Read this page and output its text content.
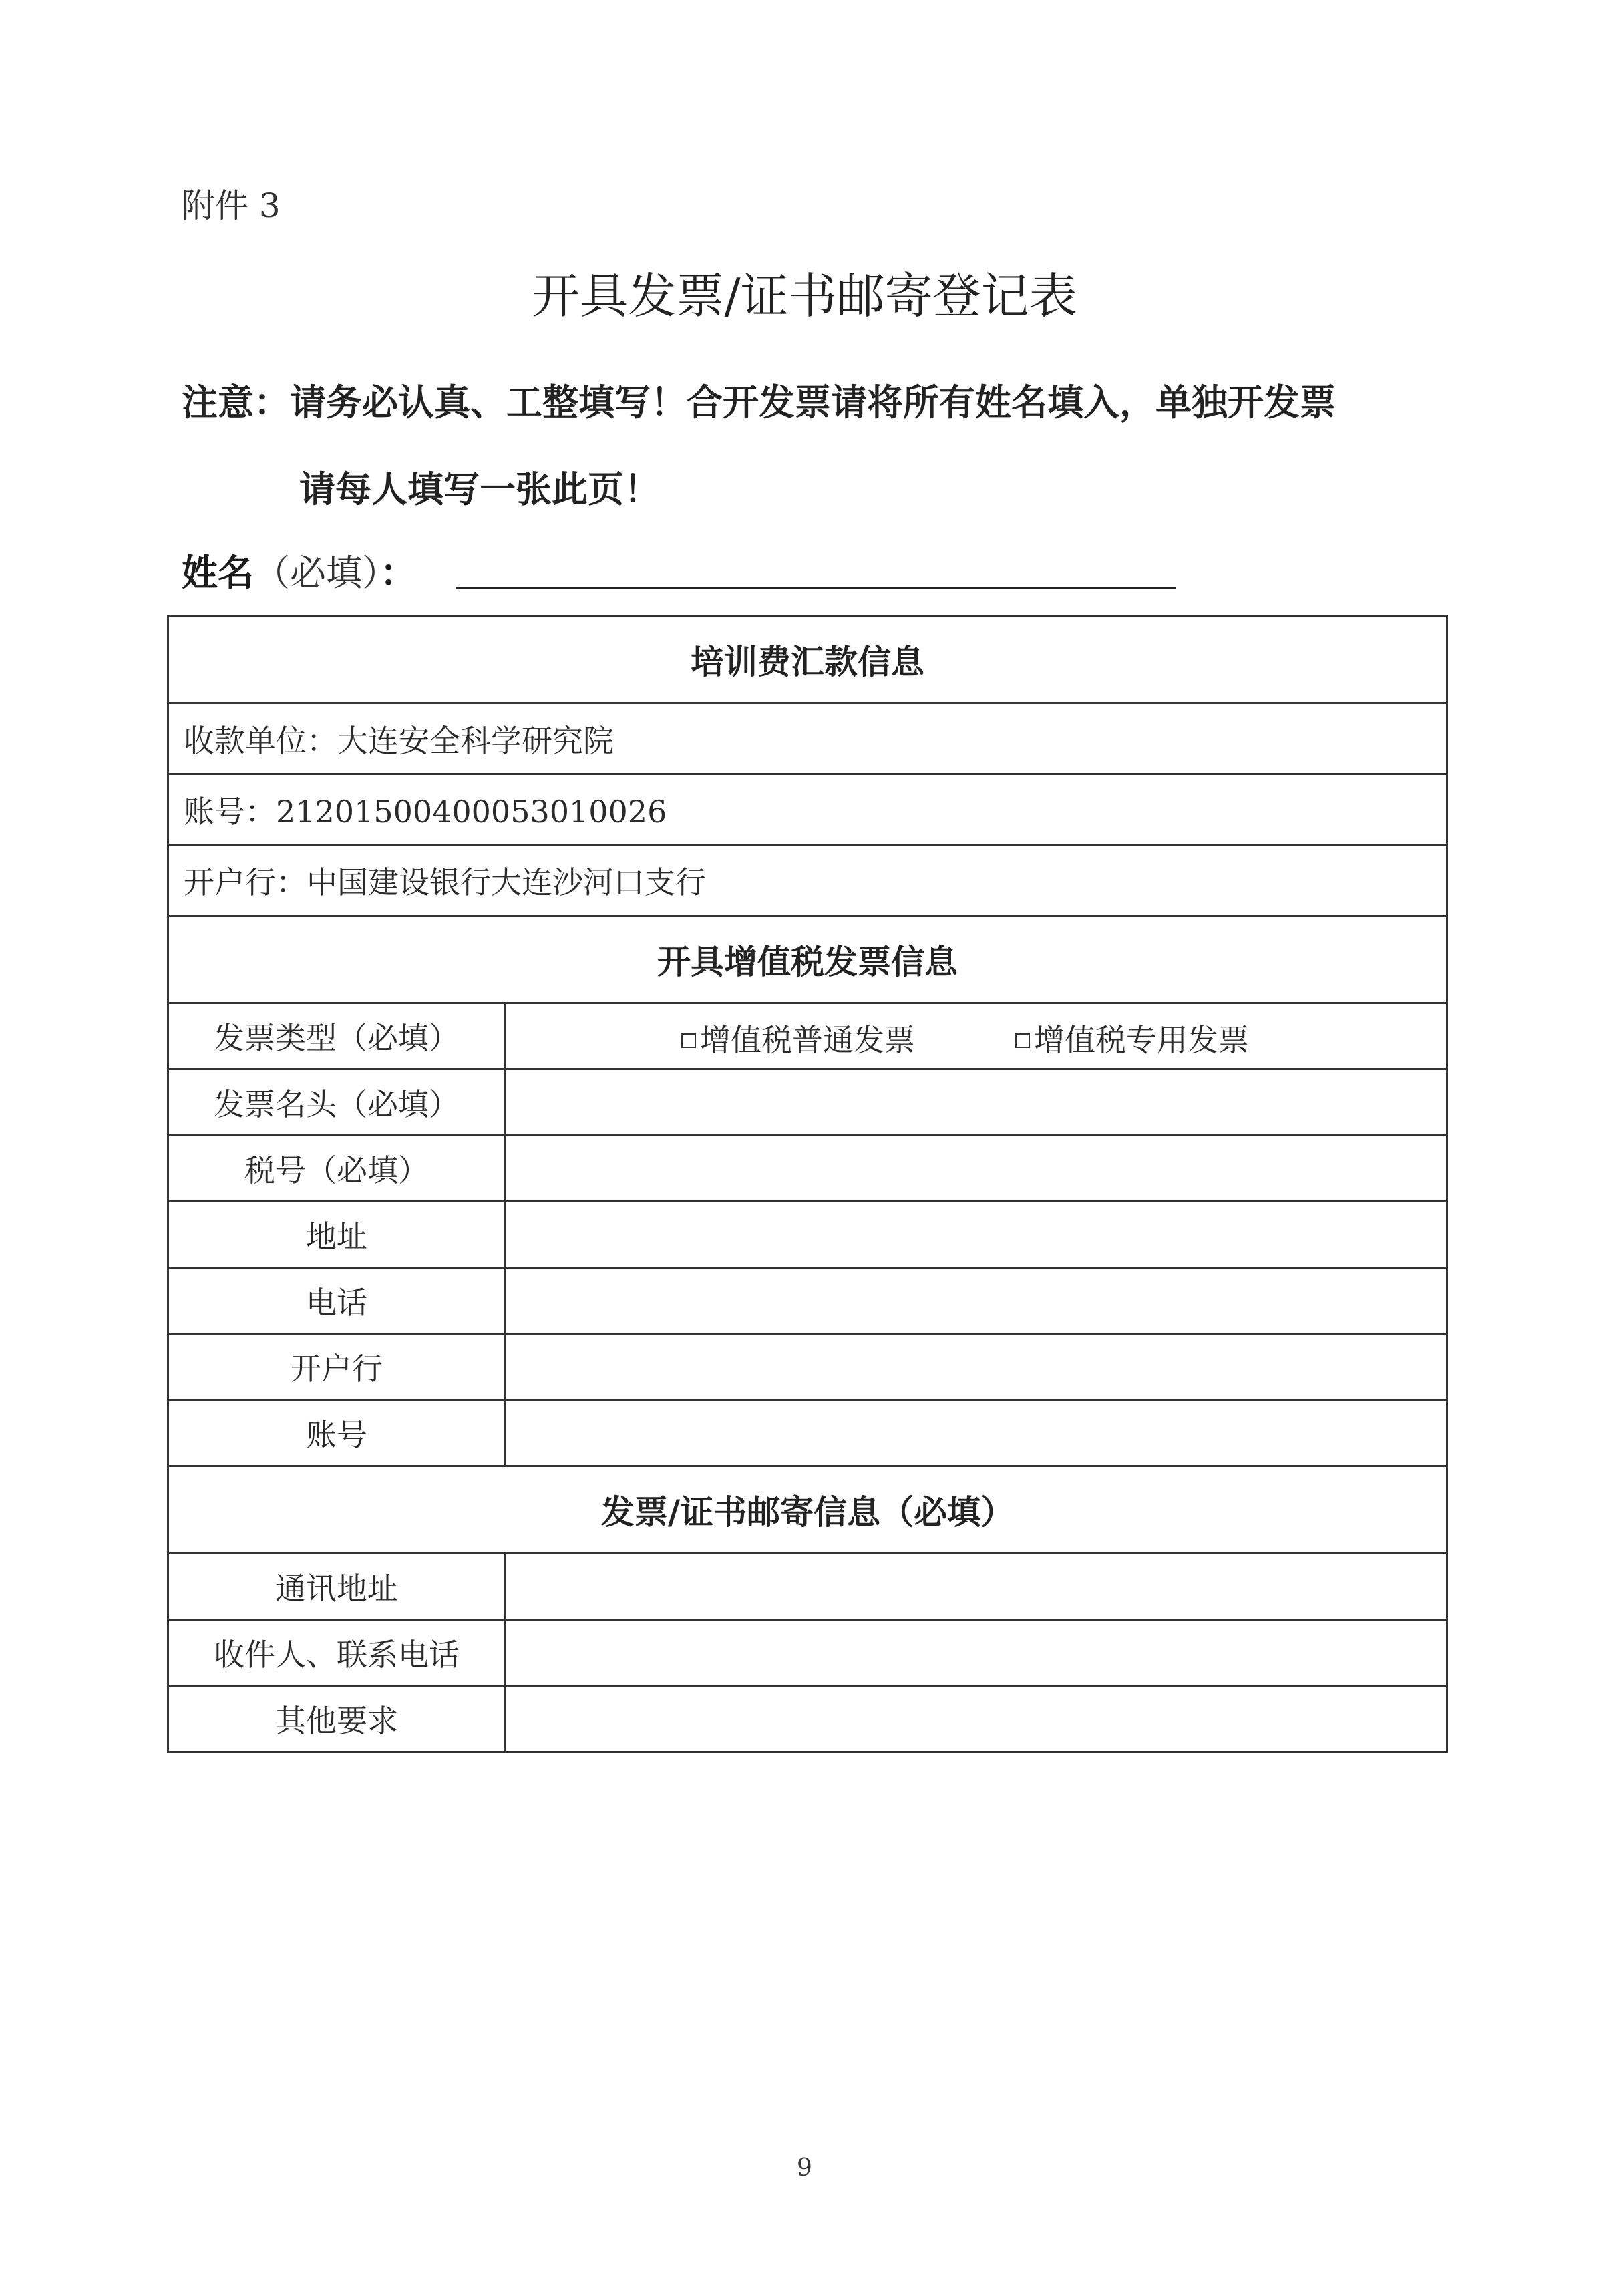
附件 3
开具发票/证书邮寄登记表
注意：请务必认真、工整填写！合开发票请将所有姓名填入，单独开发票
请每人填写一张此页！
姓名（必填）：
培训费汇款信息	
收款单位：大连安全科学研究院	
账号：21201500400053010026	
开户行：中国建设银行大连沙河口支行	
开具增值税发票信息	
发票类型（必填）	增值税普通发票 增值税专用发票

发票名头（必填）	
税号（必填）	
地址	
电话	
开户行	
账号	
发票/证书邮寄信息（必填）	
通讯地址	
收件人、联系电话	
其他要求	
9
